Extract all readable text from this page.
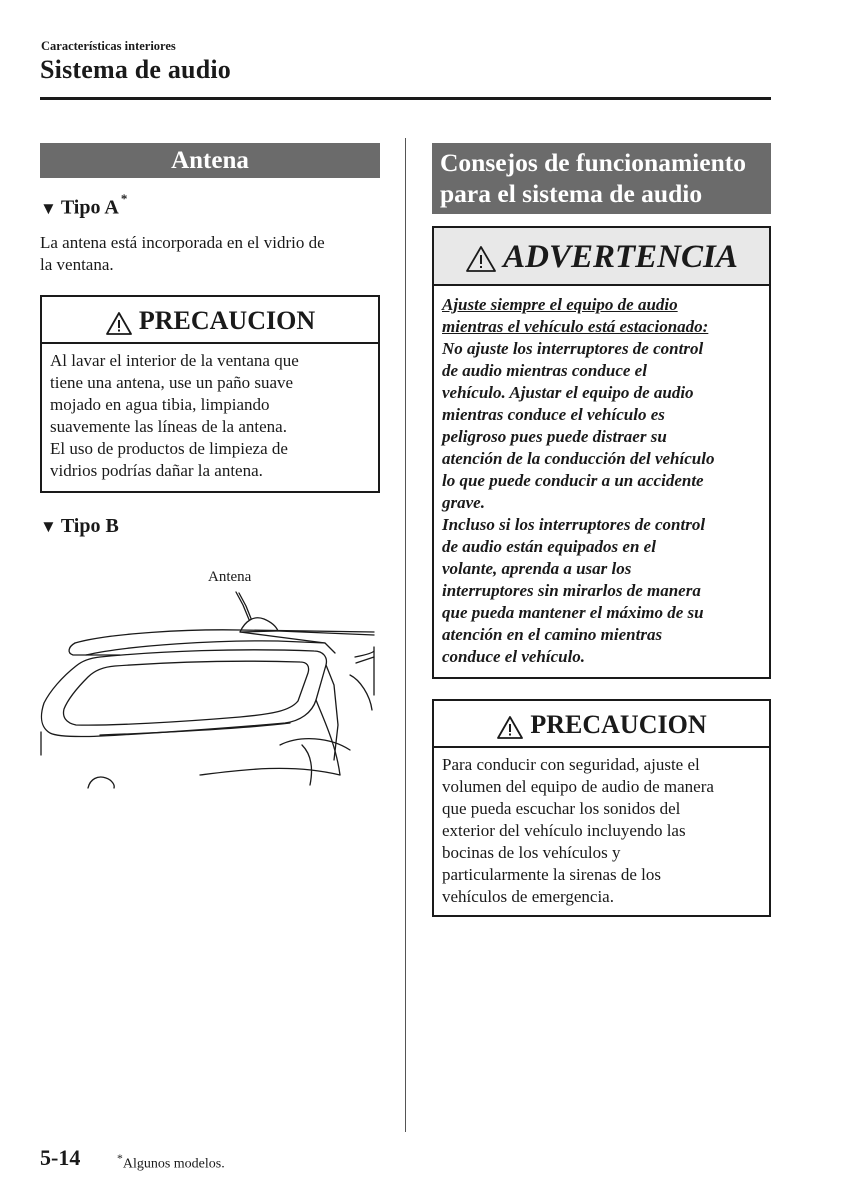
Características interiores
Sistema de audio
Antena
▼ Tipo A *
La antena está incorporada en el vidrio de
la ventana.
PRECAUCION
Al lavar el interior de la ventana que
tiene una antena, use un paño suave
mojado en agua tibia, limpiando
suavemente las líneas de la antena.
El uso de productos de limpieza de
vidrios podrías dañar la antena.
▼ Tipo B
Antena
Consejos de funcionamiento
para el sistema de audio
ADVERTENCIA
Ajuste siempre el equipo de audio
mientras el vehículo está estacionado:
No ajuste los interruptores de control
de audio mientras conduce el
vehículo. Ajustar el equipo de audio
mientras conduce el vehículo es
peligroso pues puede distraer su
atención de la conducción del vehículo
lo que puede conducir a un accidente
grave.
Incluso si los interruptores de control
de audio están equipados en el
volante, aprenda a usar los
interruptores sin mirarlos de manera
que pueda mantener el máximo de su
atención en el camino mientras
conduce el vehículo.
PRECAUCION
Para conducir con seguridad, ajuste el
volumen del equipo de audio de manera
que pueda escuchar los sonidos del
exterior del vehículo incluyendo las
bocinas de los vehículos y
particularmente la sirenas de los
vehículos de emergencia.
5-14	*Algunos modelos.
